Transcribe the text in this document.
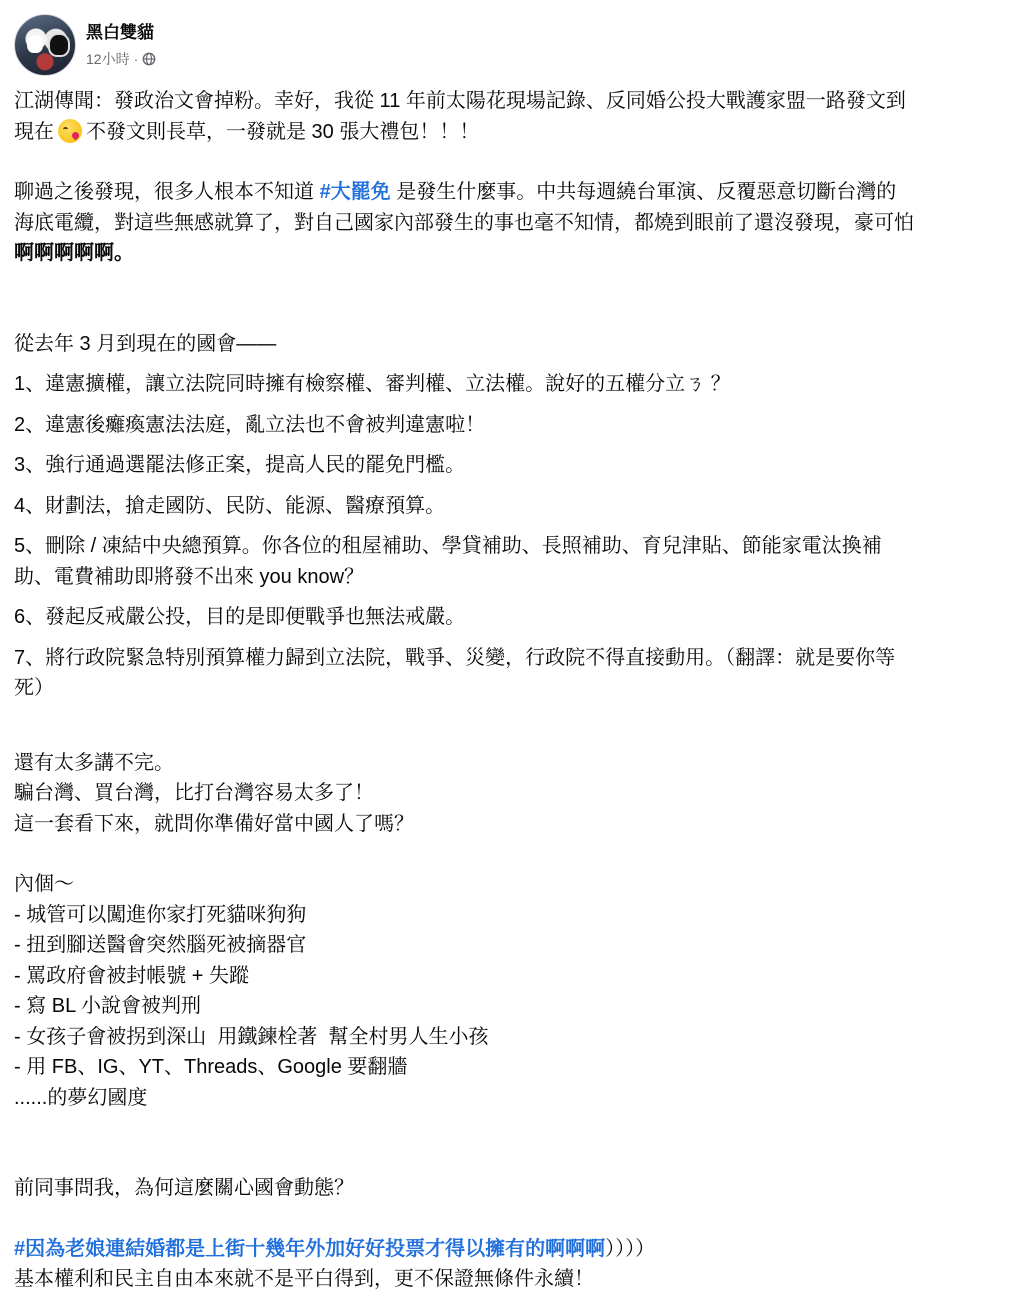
黑白雙貓
12小時 ·

江湖傳聞：發政治文會掉粉。幸好，我從 11 年前太陽花現場記錄、反同婚公投大戰護家盟一路發文到

現在 不發文則長草，一發就是 30 張大禮包！！！

聊過之後發現，很多人根本不知道 #大罷免 是發生什麼事。中共每週繞台軍演、反覆惡意切斷台灣的

海底電纜，對這些無感就算了，對自己國家內部發生的事也毫不知情，都燒到眼前了還沒發現，豪可怕

啊啊啊啊啊。

從去年 3 月到現在的國會——

1、違憲擴權，讓立法院同時擁有檢察權、審判權、立法權。說好的五權分立ㄋ ？

2、違憲後癱瘓憲法法庭，亂立法也不會被判違憲啦！

3、強行通過選罷法修正案，提高人民的罷免門檻。

4、財劃法，搶走國防、民防、能源、醫療預算。

5、刪除 / 凍結中央總預算。你各位的租屋補助、學貸補助、長照補助、育兒津貼、節能家電汰換補

助、電費補助即將發不出來 you know？

6、發起反戒嚴公投，目的是即便戰爭也無法戒嚴。

7、將行政院緊急特別預算權力歸到立法院，戰爭、災變，行政院不得直接動用。（翻譯：就是要你等

死）

還有太多講不完。

騙台灣、買台灣，比打台灣容易太多了！

這一套看下來，就問你準備好當中國人了嗎？

內個～

- 城管可以闖進你家打死貓咪狗狗

- 扭到腳送醫會突然腦死被摘器官

- 罵政府會被封帳號 + 失蹤

- 寫 BL 小說會被判刑

- 女孩子會被拐到深山  用鐵鍊栓著  幫全村男人生小孩

- 用 FB、IG、YT、Threads、Google 要翻牆

......的夢幻國度

前同事問我，為何這麼關心國會動態？

#因為老娘連結婚都是上街十幾年外加好好投票才得以擁有的啊啊啊））））

基本權利和民主自由本來就不是平白得到，更不保證無條件永續！
